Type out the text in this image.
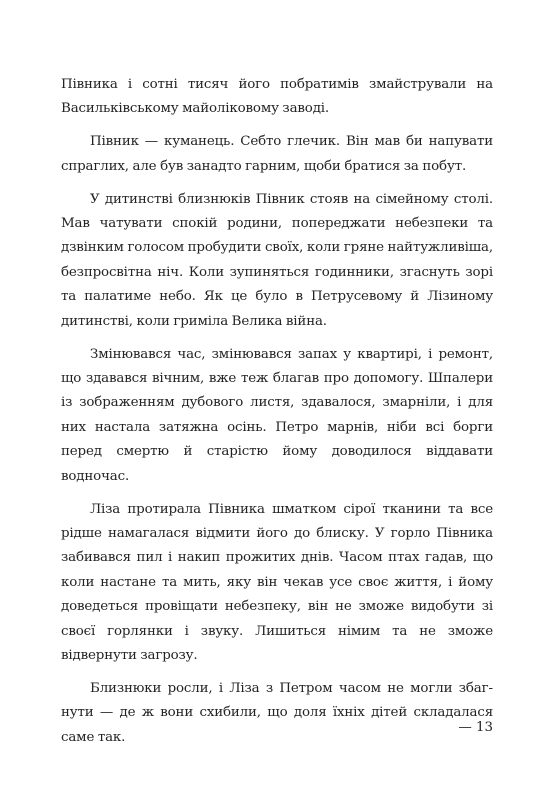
Півника і сотні тисяч його побратимів змайстрували на Васильківському майоліковому заводі.

Півник — куманець. Себто глечик. Він мав би напувати спраглих, але був занадто гарним, щоби братися за побут.

У дитинстві близнюків Півник стояв на сімейному столі. Мав чатувати спокій родини, попереджати небезпеки та дзвінким голосом пробудити своїх, коли гряне найтужливіша, безпросвітна ніч. Коли зупиняться годинники, згаснуть зорі та палатиме небо. Як це було в Петрусевому й Лізиному дитинстві, коли гриміла Велика війна.

Змінювався час, змінювався запах у квартирі, і ремонт, що здавався вічним, вже теж благав про допомогу. Шпалери із зображенням дубового листя, здавалося, змарніли, і для них настала затяжна осінь. Петро марнів, ніби всі борги перед смертю й старістю йому доводилося віддавати водночас.

Ліза протирала Півника шматком сірої тканини та все рідше намагалася відмити його до блиску. У горло Півника забивався пил і накип прожитих днів. Часом птах гадав, що коли настане та мить, яку він чекав усе своє життя, і йому доведеться провіщати небезпеку, він не зможе видобути зі своєї горлянки і звуку. Лишиться німим та не зможе відвернути загрозу.

Близнюки росли, і Ліза з Петром часом не могли збагнути — де ж вони схибили, що доля їхніх дітей складалася саме так.

— 13
